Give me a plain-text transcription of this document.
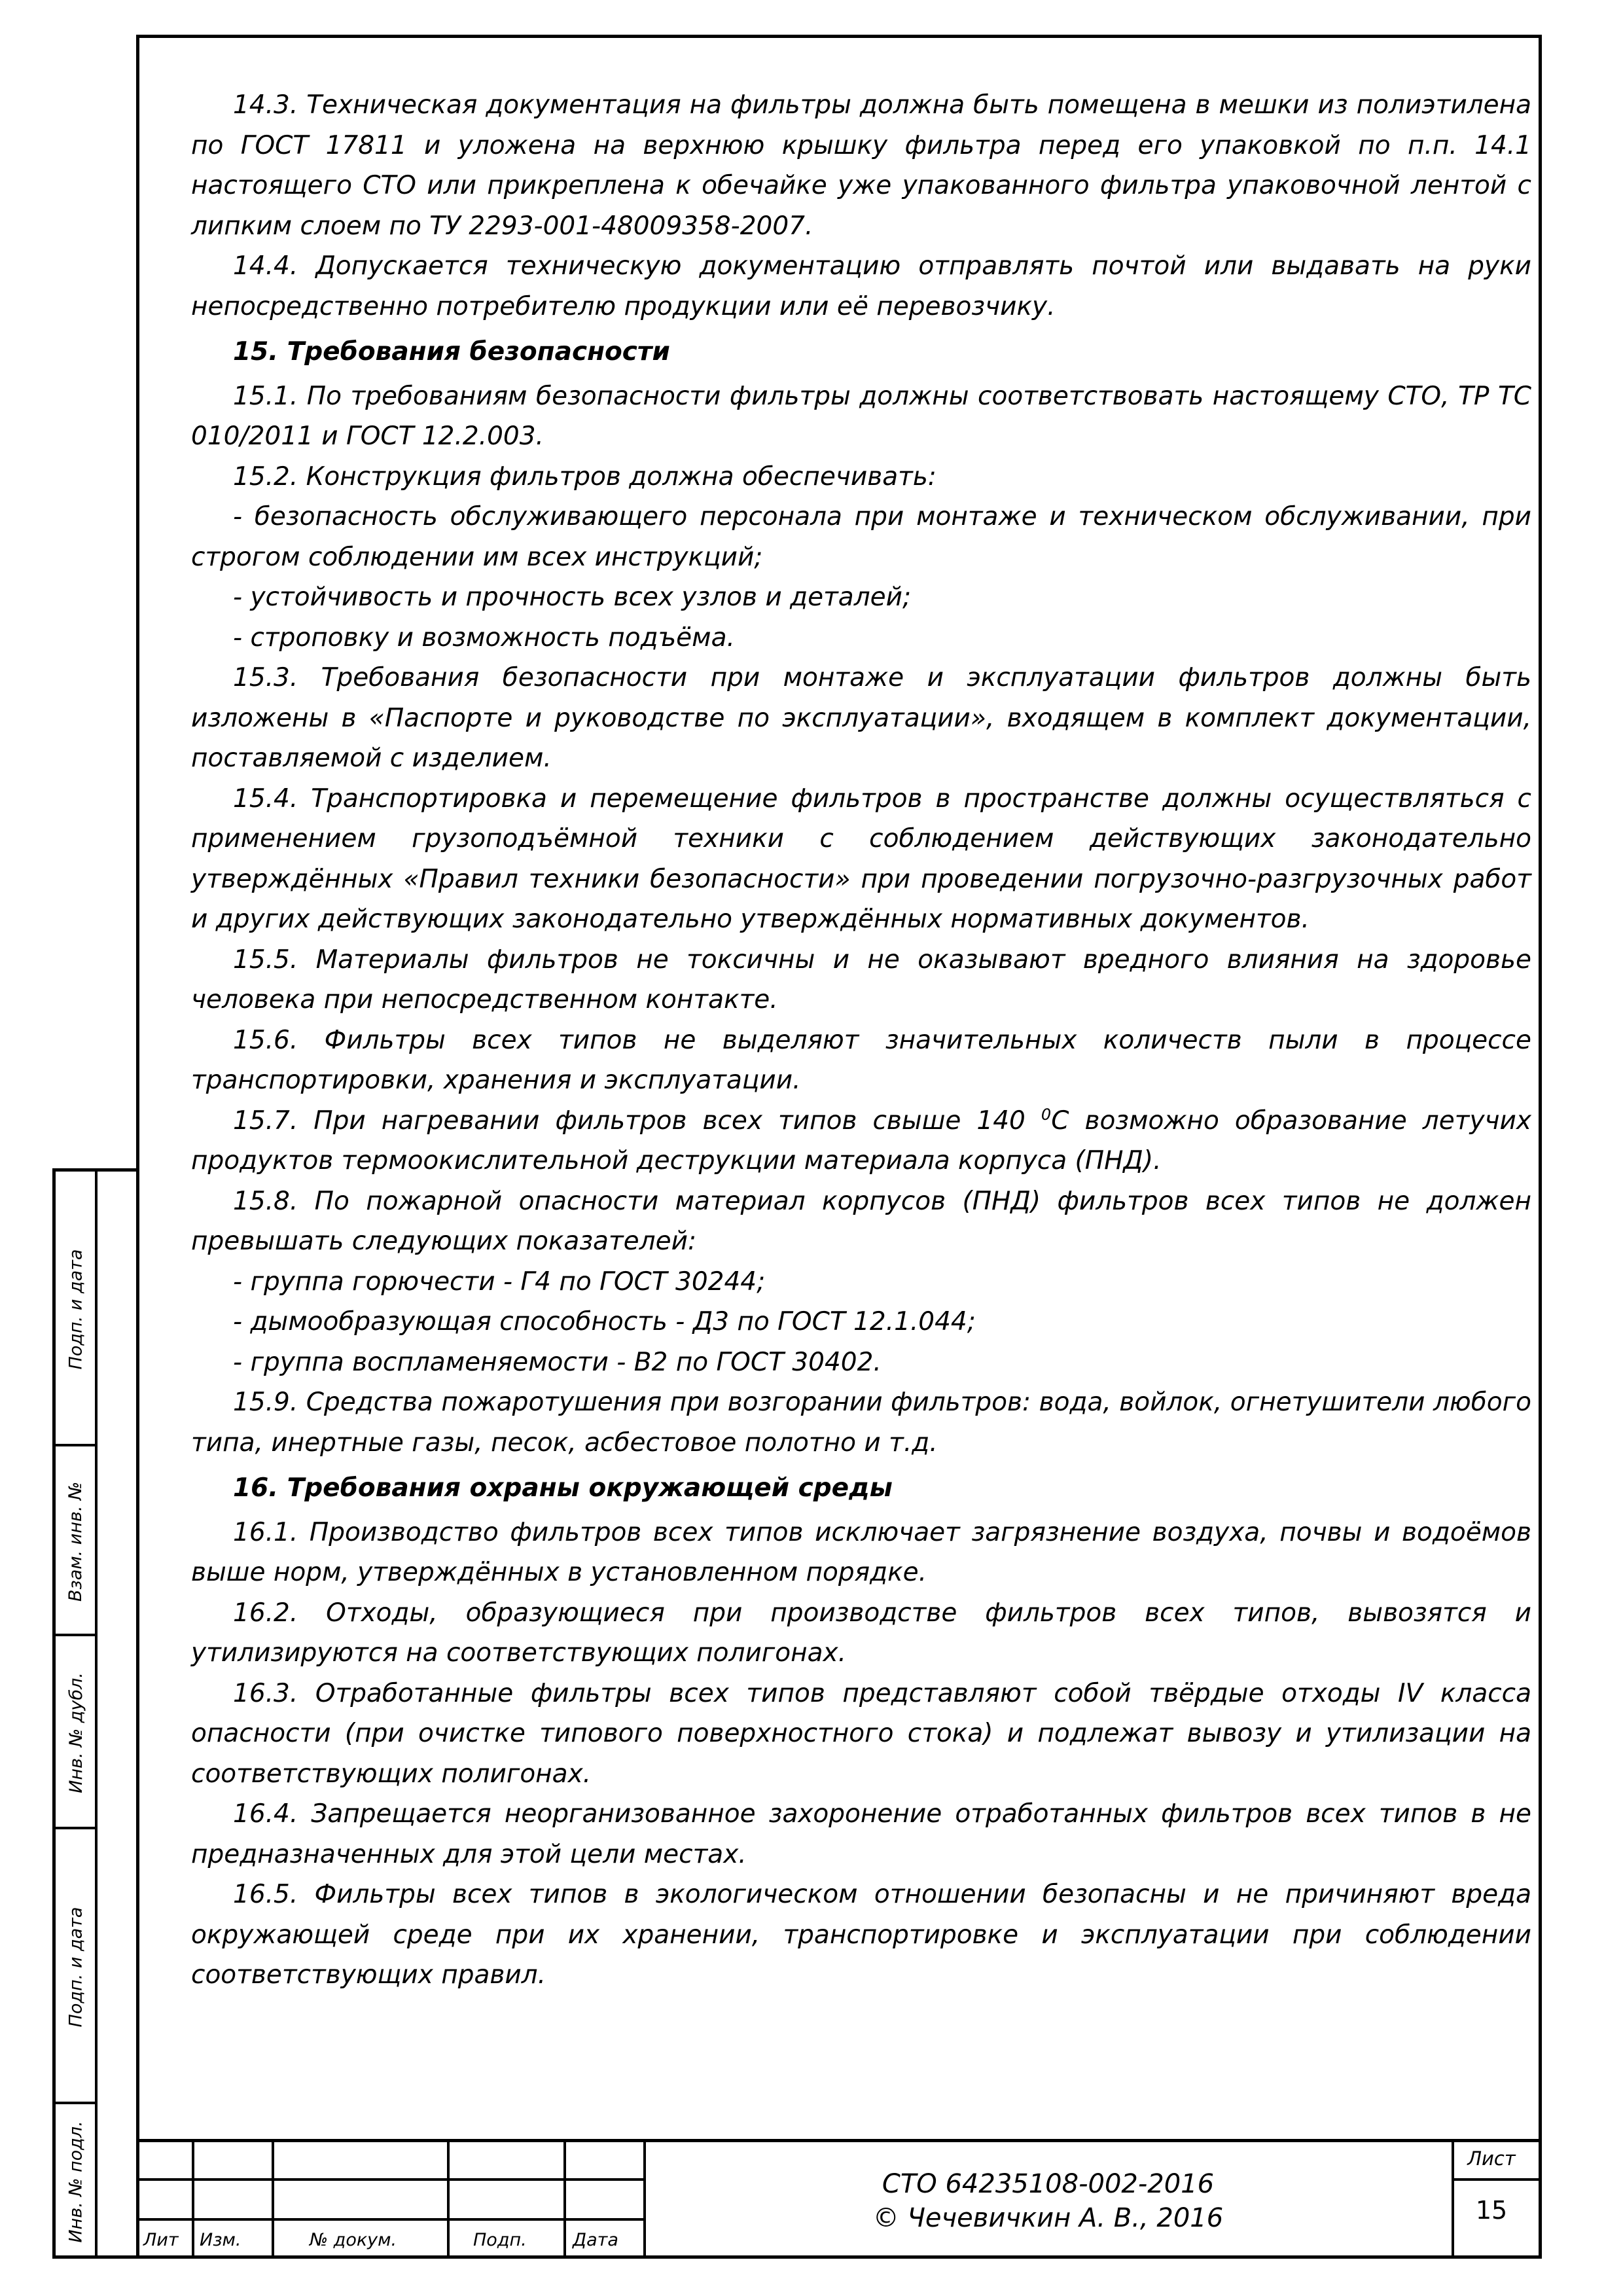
14.3. Техническая документация на фильтры должна быть помещена в мешки из полиэтилена по ГОСТ 17811 и уложена на верхнюю крышку фильтра перед его упаковкой по п.п. 14.1 настоящего СТО или прикреплена к обечайке уже упакованного фильтра упаковочной лентой с липким слоем по ТУ 2293-001-48009358-2007.

14.4. Допускается техническую документацию отправлять почтой или выдавать на руки непосредственно потребителю продукции или её перевозчику.

15. Требования безопасности

15.1. По требованиям безопасности фильтры должны соответствовать настоящему СТО, ТР ТС 010/2011 и ГОСТ 12.2.003.

15.2. Конструкция фильтров должна обеспечивать:

- безопасность обслуживающего персонала при монтаже и техническом обслуживании, при строгом соблюдении им всех инструкций;

- устойчивость и прочность всех узлов и деталей;

- строповку и возможность подъёма.

15.3. Требования безопасности при монтаже и эксплуатации фильтров должны быть изложены в «Паспорте и руководстве по эксплуатации», входящем в комплект документации, поставляемой с изделием.

15.4. Транспортировка и перемещение фильтров в пространстве должны осуществляться с применением грузоподъёмной техники с соблюдением действующих законодательно утверждённых «Правил техники безопасности» при проведении погрузочно-разгрузочных работ и других действующих законодательно утверждённых нормативных документов.

15.5. Материалы фильтров не токсичны и не оказывают вредного влияния на здоровье человека при непосредственном контакте.

15.6. Фильтры всех типов не выделяют значительных количеств пыли в процессе транспортировки, хранения и эксплуатации.

15.7. При нагревании фильтров всех типов свыше 140 $^0$С возможно образование летучих продуктов термоокислительной деструкции материала корпуса (ПНД).

15.8. По пожарной опасности материал корпусов (ПНД) фильтров всех типов не должен превышать следующих показателей:

- группа горючести - Г4 по ГОСТ 30244;

- дымообразующая способность - Д3 по ГОСТ 12.1.044;

- группа воспламеняемости - В2 по ГОСТ 30402.

15.9. Средства пожаротушения при возгорании фильтров: вода, войлок, огнетушители любого типа, инертные газы, песок, асбестовое полотно и т.д.

16. Требования охраны окружающей среды

16.1. Производство фильтров всех типов исключает загрязнение воздуха, почвы и водоёмов выше норм, утверждённых в установленном порядке.

16.2. Отходы, образующиеся при производстве фильтров всех типов, вывозятся и утилизируются на соответствующих полигонах.

16.3. Отработанные фильтры всех типов представляют собой твёрдые отходы IV класса опасности (при очистке типового поверхностного стока) и подлежат вывозу и утилизации на соответствующих полигонах.

16.4. Запрещается неорганизованное захоронение отработанных фильтров всех типов в не предназначенных для этой цели местах.

16.5. Фильтры всех типов в экологическом отношении безопасны и не причиняют вреда окружающей среде при их хранении, транспортировке и эксплуатации при соблюдении соответствующих правил.

Подп. и дата
Взам. инв. №
Инв. № дубл.
Подп. и дата
Инв. № подл.	Лит Изм.	№ докум.	Подп.	Дата
СТО 64235108-002-2016
© Чечевичкин А. В., 2016
Лист
15
